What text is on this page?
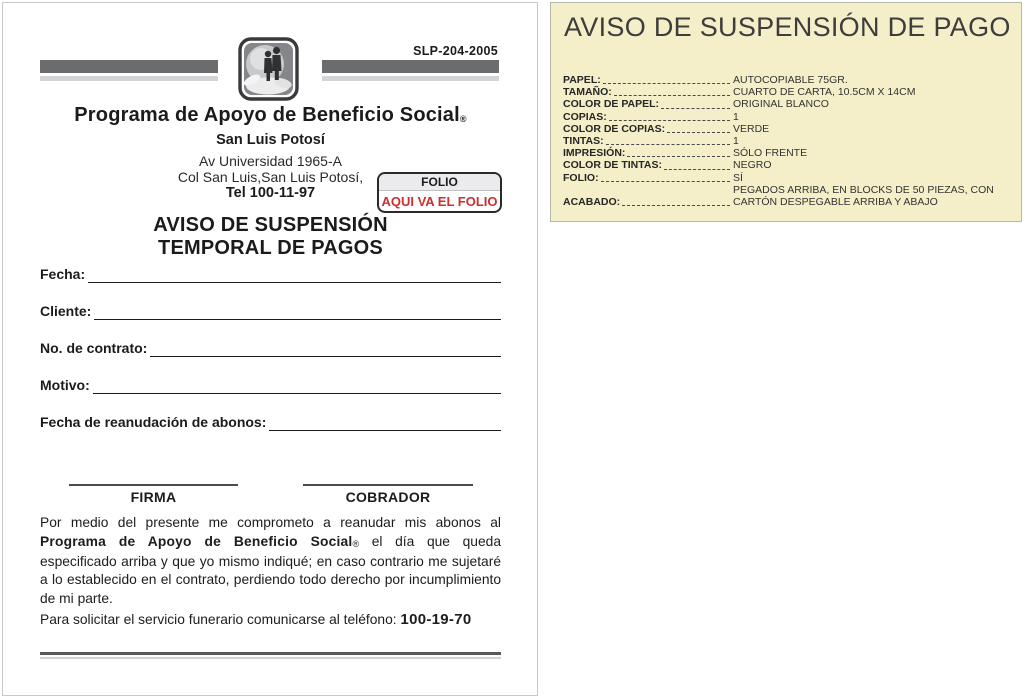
SLP-204-2005
Programa de Apoyo de Beneficio Social®
San Luis Potosí
Av Universidad 1965-A
Col San Luis,San Luis Potosí,
Tel 100-11-97
FOLIO
AQUI VA EL FOLIO
AVISO DE SUSPENSIÓN
TEMPORAL DE PAGOS
Fecha:
Cliente:
No. de contrato:
Motivo:
Fecha de reanudación de abonos:
FIRMA	COBRADOR

Por medio del presente me comprometo a reanudar mis abonos al Programa de Apoyo de Beneficio Social® el día que queda especificado arriba y que yo mismo indiqué; en caso contrario me sujetaré a lo establecido en el contrato, perdiendo todo derecho por incumplimiento de mi parte.

Para solicitar el servicio funerario comunicarse al teléfono: 100-19-70

AVISO DE SUSPENSIÓN DE PAGO
PAPEL:	AUTOCOPIABLE 75GR.
TAMAÑO:	CUARTO DE CARTA, 10.5CM X 14CM
COLOR DE PAPEL:	ORIGINAL BLANCO
COPIAS:	1
COLOR DE COPIAS:	VERDE
TINTAS:	1
IMPRESIÓN:	SÓLO FRENTE
COLOR DE TINTAS:	NEGRO
FOLIO:	SÍ
ACABADO:
PEGADOS ARRIBA, EN BLOCKS DE 50 PIEZAS, CON CARTÓN DESPEGABLE ARRIBA Y ABAJO
